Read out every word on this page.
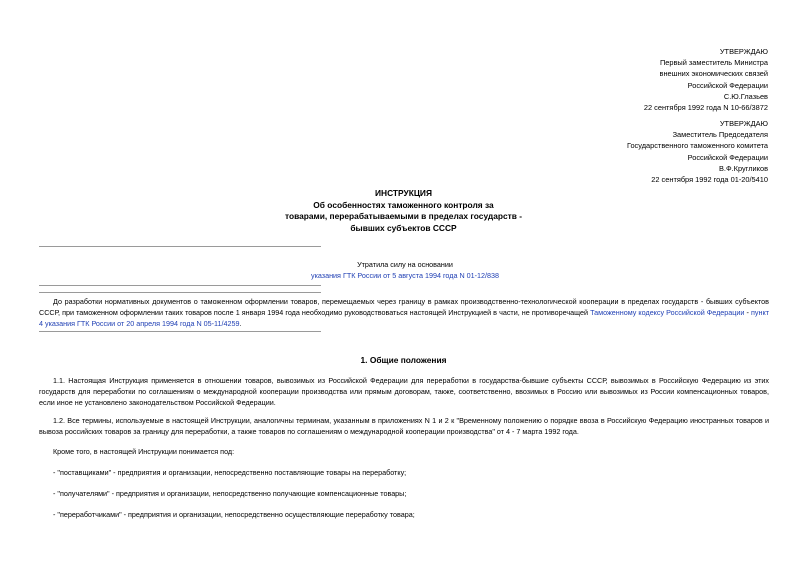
УТВЕРЖДАЮ
Первый заместитель Министра
внешних экономических связей
Российской Федерации
С.Ю.Глазьев
22 сентября 1992 года N 10-66/3872
УТВЕРЖДАЮ
Заместитель Председателя
Государственного таможенного комитета
Российской Федерации
В.Ф.Кругликов
22 сентября 1992 года 01-20/5410
ИНСТРУКЦИЯ
Об особенностях таможенного контроля за
товарами, перерабатываемыми в пределах государств -
бывших субъектов СССР
Утратила силу на основании
указания ГТК России от 5 августа 1994 года N 01-12/838
До разработки нормативных документов о таможенном оформлении товаров, перемещаемых через границу в рамках производственно-технологической кооперации в пределах государств - бывших субъектов СССР, при таможенном оформлении таких товаров после 1 января 1994 года необходимо руководствоваться настоящей Инструкцией в части, не противоречащей Таможенному кодексу Российской Федерации - пункт 4 указания ГТК России от 20 апреля 1994 года N 05-11/4259.
1. Общие положения
1.1. Настоящая Инструкция применяется в отношении товаров, вывозимых из Российской Федерации для переработки в государства-бывшие субъекты СССР, вывозимых в Российскую Федерацию из этих государств для переработки по соглашениям о международной кооперации производства или прямым договорам, также, соответственно, ввозимых в Россию или вывозимых из России компенсационных товаров, если иное не установлено законодательством Российской Федерации.
1.2. Все термины, используемые в настоящей Инструкции, аналогичны терминам, указанным в приложениях N 1 и 2 к "Временному положению о порядке ввоза в Российскую Федерацию иностранных товаров и вывоза российских товаров за границу для переработки, а также товаров по соглашениям о международной кооперации производства" от 4 - 7 марта 1992 года.
Кроме того, в настоящей Инструкции понимается под:
- "поставщиками" - предприятия и организации, непосредственно поставляющие товары на переработку;
- "получателями" - предприятия и организации, непосредственно получающие компенсационные товары;
- "переработчиками" - предприятия и организации, непосредственно осуществляющие переработку товара;
